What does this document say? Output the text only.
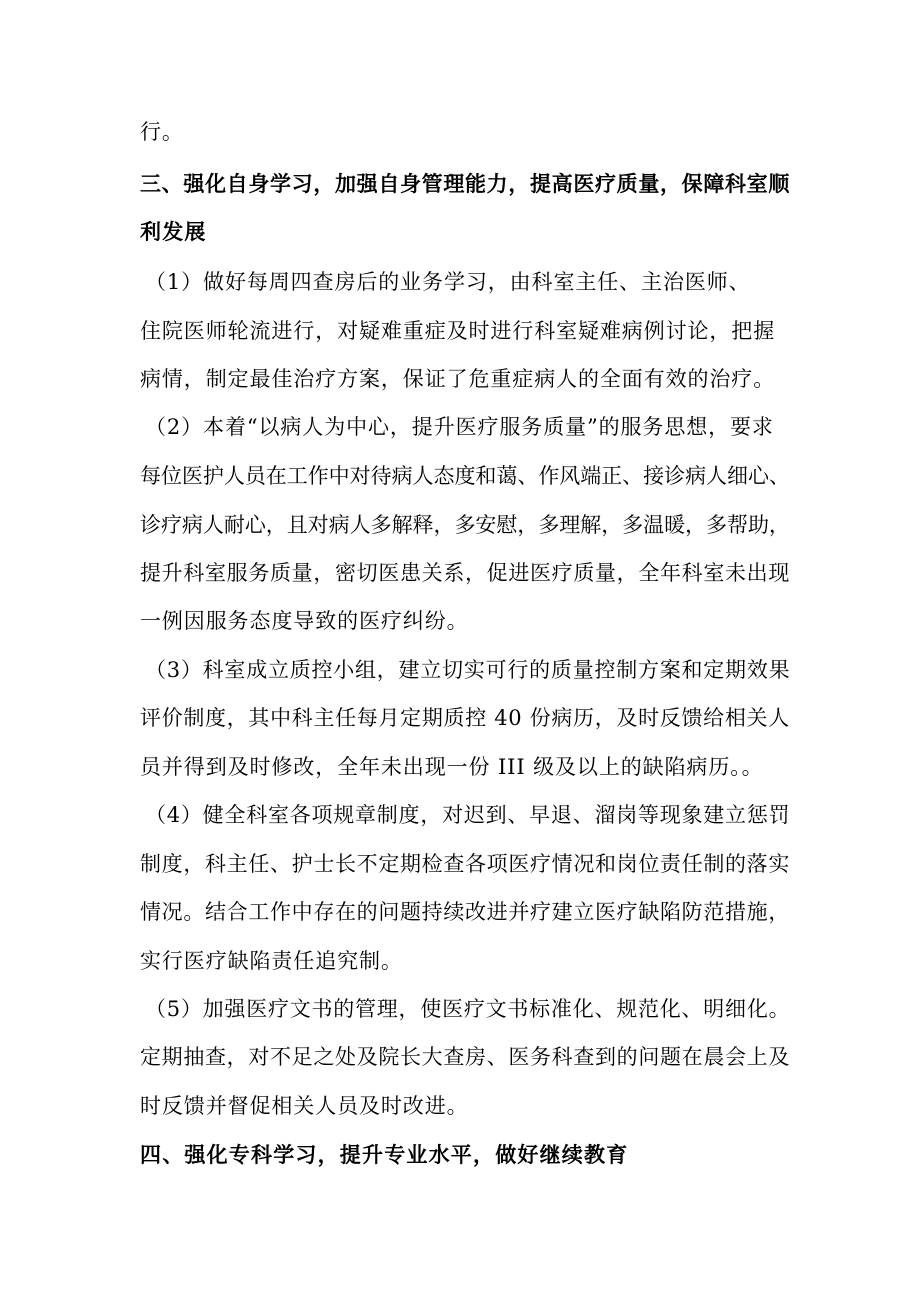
行。
三、强化自身学习，加强自身管理能力，提高医疗质量，保障科室顺
利发展
（1）做好每周四查房后的业务学习，由科室主任、主治医师、
住院医师轮流进行，对疑难重症及时进行科室疑难病例讨论，把握
病情，制定最佳治疗方案，保证了危重症病人的全面有效的治疗。
（2）本着“以病人为中心，提升医疗服务质量”的服务思想，要求
每位医护人员在工作中对待病人态度和蔼、作风端正、接诊病人细心、
诊疗病人耐心，且对病人多解释，多安慰，多理解，多温暖，多帮助，
提升科室服务质量，密切医患关系，促进医疗质量，全年科室未出现
一例因服务态度导致的医疗纠纷。
（3）科室成立质控小组，建立切实可行的质量控制方案和定期效果
评价制度，其中科主任每月定期质控 40 份病历，及时反馈给相关人
员并得到及时修改，全年未出现一份 III 级及以上的缺陷病历。。
（4）健全科室各项规章制度，对迟到、早退、溜岗等现象建立惩罚
制度，科主任、护士长不定期检查各项医疗情况和岗位责任制的落实
情况。结合工作中存在的问题持续改进并疗建立医疗缺陷防范措施，
实行医疗缺陷责任追究制。
（5）加强医疗文书的管理，使医疗文书标准化、规范化、明细化。
定期抽查，对不足之处及院长大查房、医务科查到的问题在晨会上及
时反馈并督促相关人员及时改进。
四、强化专科学习，提升专业水平，做好继续教育
